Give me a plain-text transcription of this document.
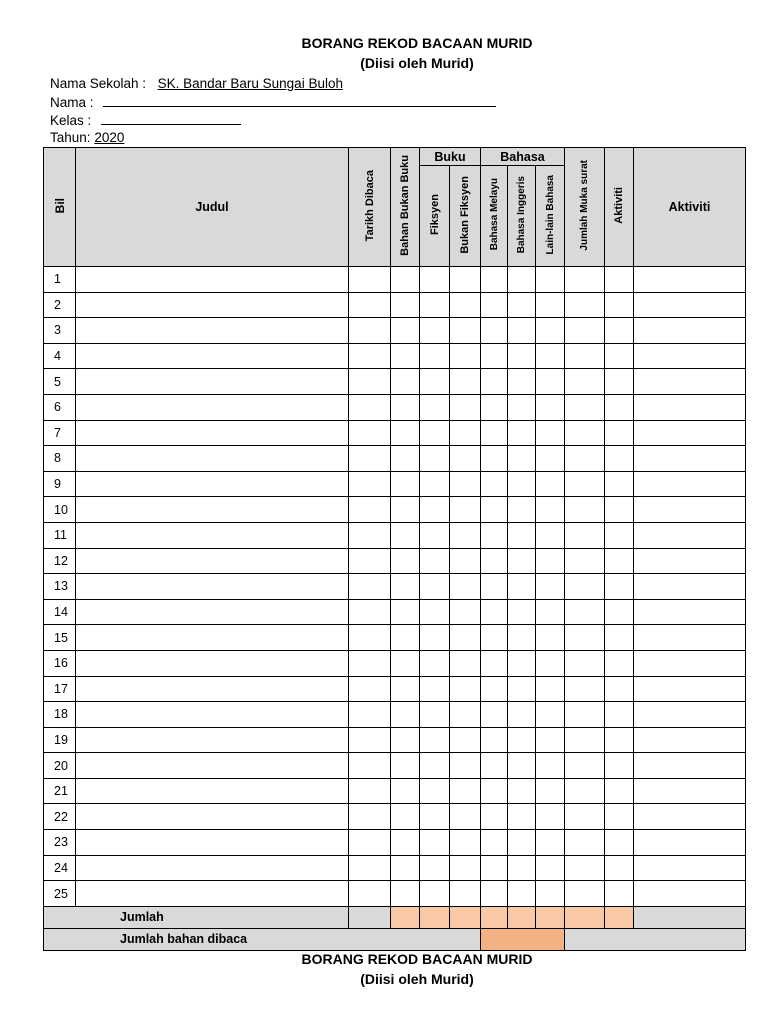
BORANG REKOD BACAAN MURID
(Diisi oleh Murid)
Nama Sekolah : SK. Bandar Baru Sungai Buloh
Nama :
Kelas :
Tahun: 2020
Bil	Judul	Tarikh Dibaca	Bahan Bukan Buku	Buku		Bahasa			Jumlah Muka surat	Aktiviti	Aktiviti
				Fiksyen	Bukan Fiksyen	Bahasa Melayu	Bahasa Inggeris	Lain-lain Bahasa			
1											
2											
3											
4											
5											
6											
7											
8											
9											
10											
11											
12											
13											
14											
15											
16											
17											
18											
19											
20											
21											
22											
23											
24											
25											
Jumlah											
Jumlah bahan dibaca											
BORANG REKOD BACAAN MURID
(Diisi oleh Murid)
